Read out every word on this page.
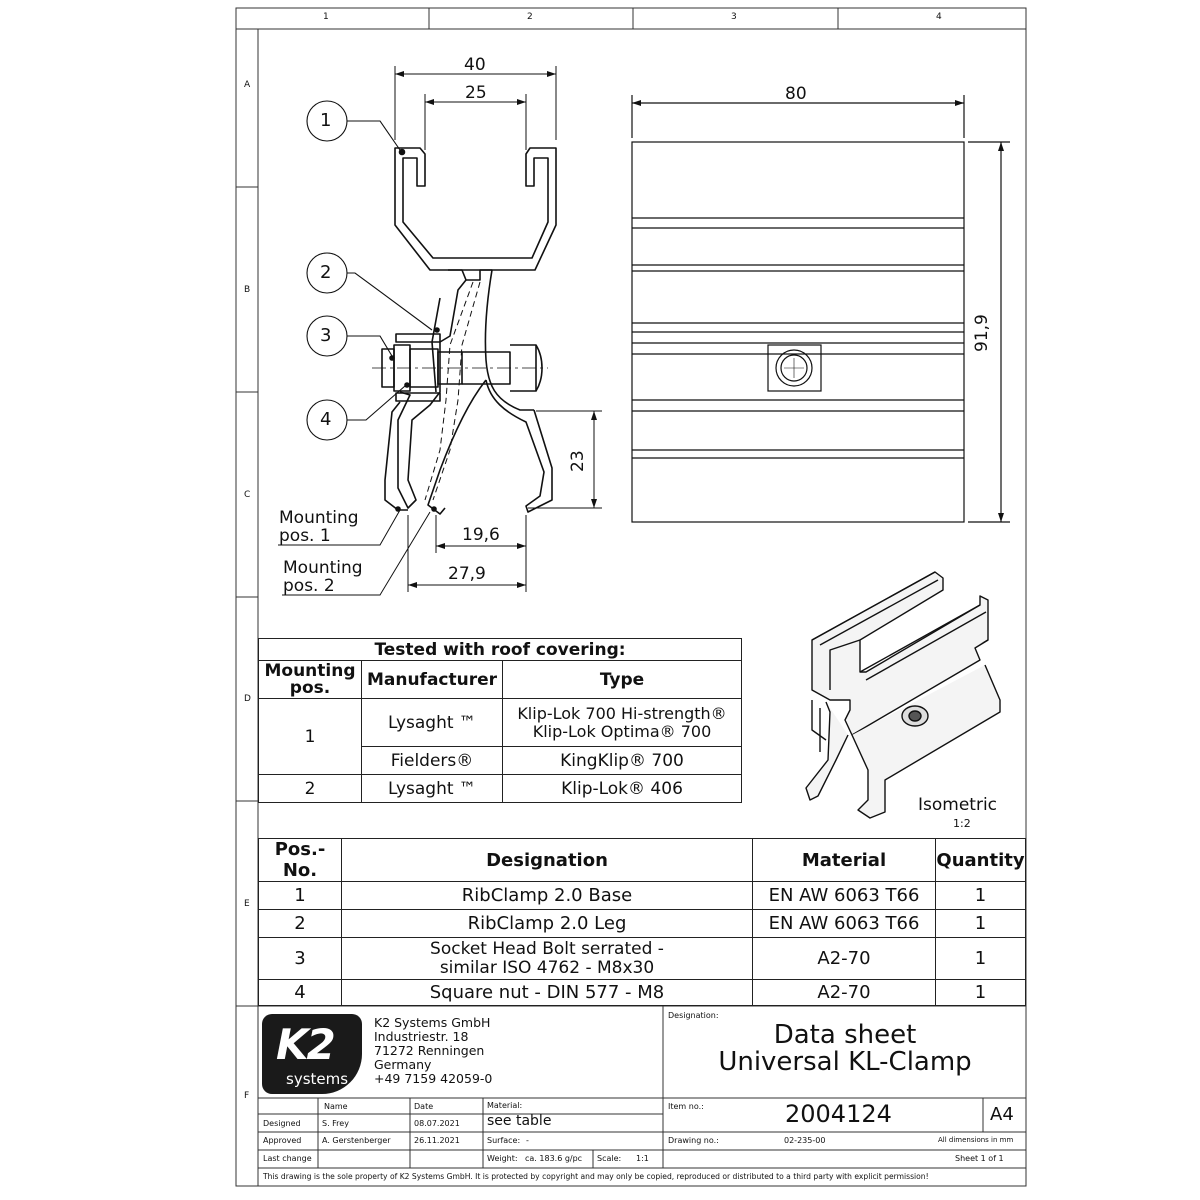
1	2	3	4
A
B
C
D
E
F
40
25	80
91,9
23
19,6
27,9
1
2
3
4
Mounting
pos. 1
Mounting
pos. 2
Isometric
1:2
Tested with roof covering:		
Mounting pos.	Manufacturer	Type
1	Lysaght ™	Klip-Lok 700 Hi-strength®
Klip-Lok Optima® 700

	Fielders®	KingKlip® 700
2	Lysaght ™	Klip-Lok® 406
Pos.-No.	Designation	Material	Quantity
1	RibClamp 2.0 Base	EN AW 6063 T66	1
2	RibClamp 2.0 Leg	EN AW 6063 T66	1
3	Socket Head Bolt serrated -
similar ISO 4762 - M8x30	A2-70	1
4	Square nut - DIN 577 - M8	A2-70	1
K2
systems
K2 Systems GmbH
Industriestr. 18
71272 Renningen
Germany
+49 7159 42059-0
Designation:
Data sheet
Universal KL-Clamp
Name	Date	Material:
see table
Designed	S. Frey	08.07.2021
Approved	A. Gerstenberger	26.11.2021	Surface: -
Last change	Weight: ca. 183.6 g/pc Scale: 1:1
Item no.:	2004124	A4
Drawing no.:	02-235-00	All dimensions in mm
Sheet 1 of 1
This drawing is the sole property of K2 Systems GmbH. It is protected by copyright and may only be copied, reproduced or distributed to a third party with explicit permission!
